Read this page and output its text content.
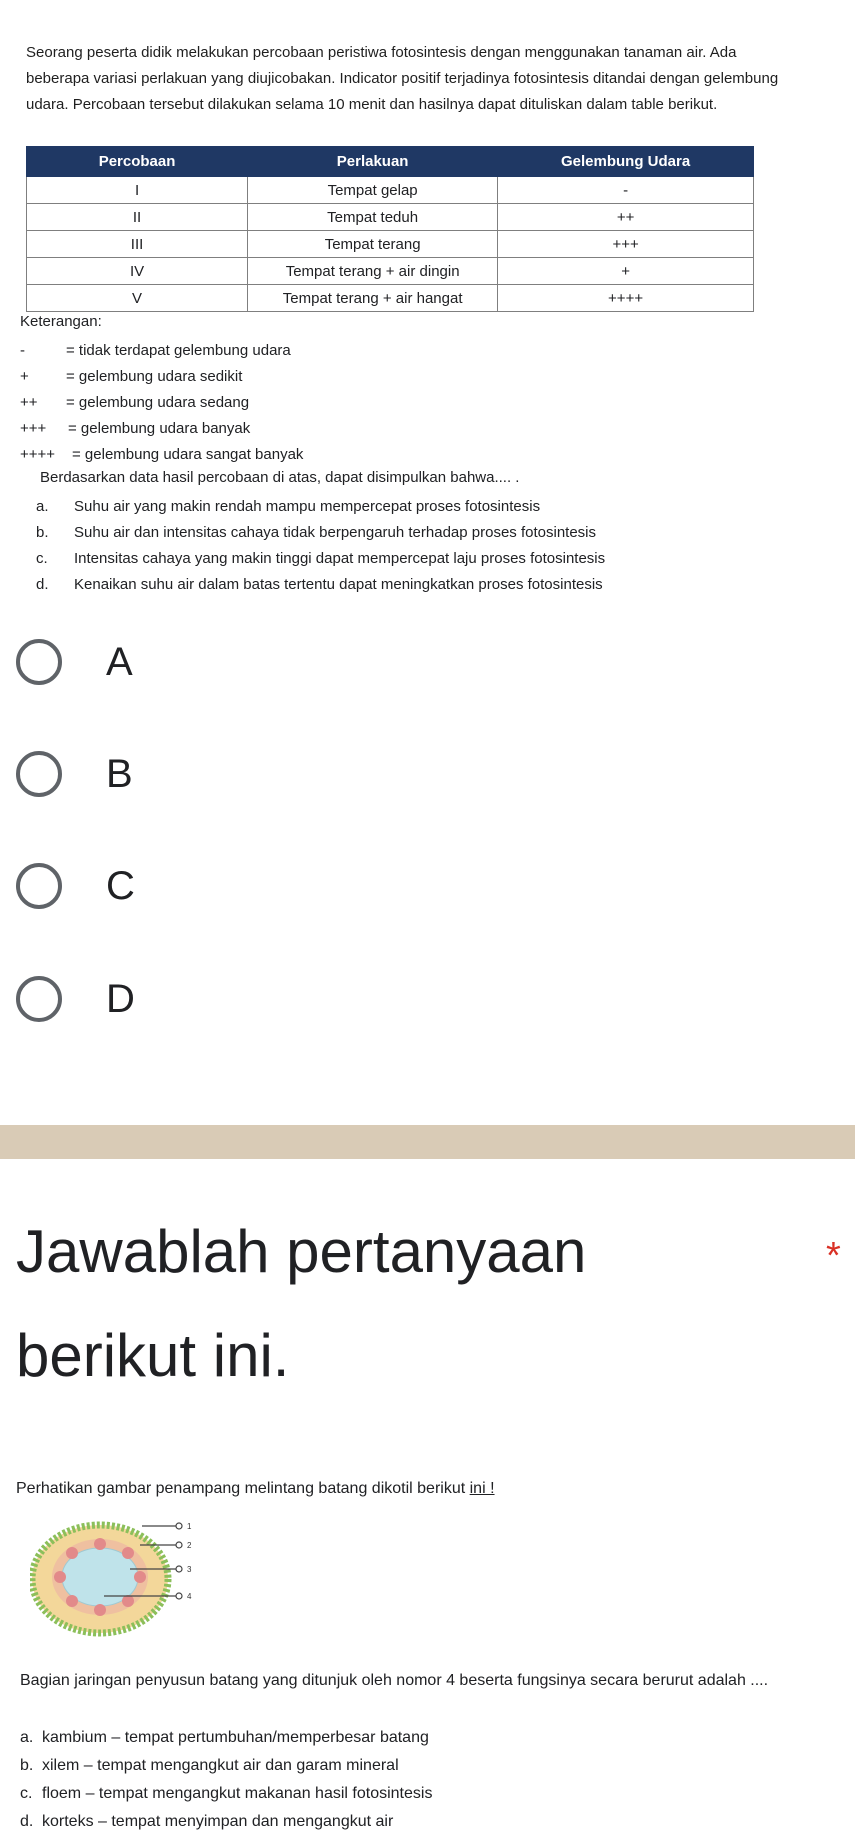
Seorang peserta didik melakukan percobaan peristiwa fotosintesis dengan menggunakan tanaman air. Ada beberapa variasi perlakuan yang diujicobakan. Indicator positif terjadinya fotosintesis ditandai dengan gelembung udara. Percobaan tersebut dilakukan selama 10 menit dan hasilnya dapat dituliskan dalam table berikut.
Percobaan	Perlakuan	Gelembung Udara
I	Tempat gelap	-
II	Tempat teduh	++
III	Tempat terang	+++
IV	Tempat terang + air dingin	+
V	Tempat terang + air hangat	++++
Keterangan:
-	= tidak terdapat gelembung udara
+	= gelembung udara sedikit
++	= gelembung udara sedang
+++	= gelembung udara banyak
++++	= gelembung udara sangat banyak
Berdasarkan data hasil percobaan di atas, dapat disimpulkan bahwa.... .
a. Suhu air yang makin rendah mampu mempercepat proses fotosintesis
b. Suhu air dan intensitas cahaya tidak berpengaruh terhadap proses fotosintesis
c. Intensitas cahaya yang makin tinggi dapat mempercepat laju proses fotosintesis
d. Kenaikan suhu air dalam batas tertentu dapat meningkatkan proses fotosintesis
A
B
C
D
Jawablah pertanyaan berikut ini.
*
Perhatikan gambar penampang melintang batang dikotil berikut ini !
1
2
3
4
Bagian jaringan penyusun batang yang ditunjuk oleh nomor 4 beserta fungsinya secara berurut adalah ....
a. kambium – tempat pertumbuhan/memperbesar batang
b. xilem – tempat mengangkut air dan garam mineral
c. floem – tempat mengangkut makanan hasil fotosintesis
d. korteks – tempat menyimpan dan mengangkut air
